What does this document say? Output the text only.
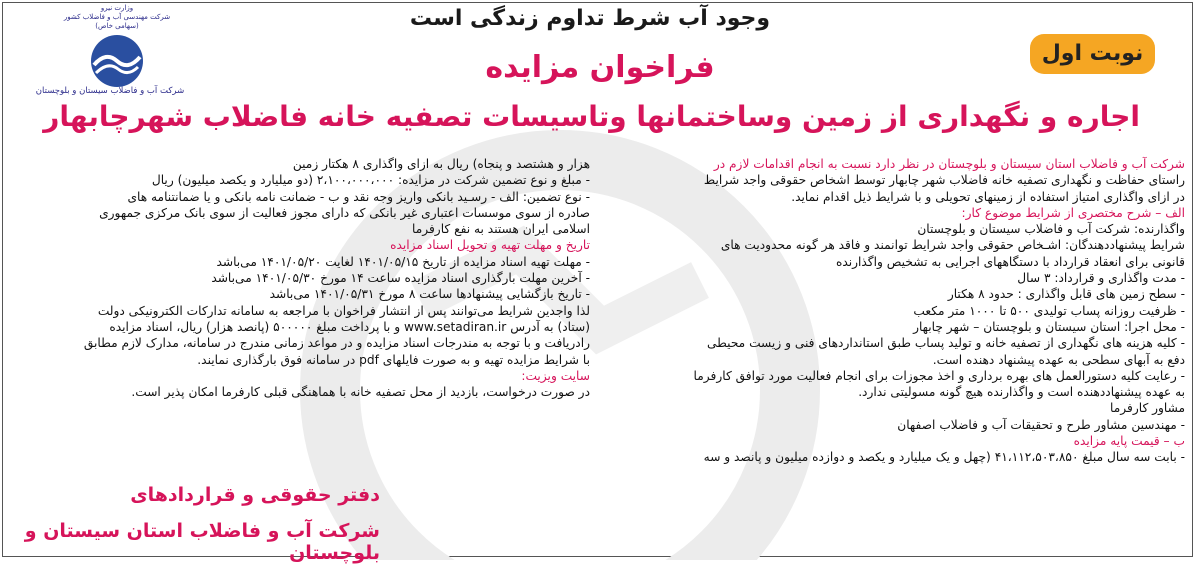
وزارت نیرو
شرکت مهندسی آب و فاضلاب کشور
(سهامی خاص)
شرکت آب و فاضلاب سیستان و بلوچستان
وجود آب شرط تداوم زندگی است
نوبت اول
فراخوان مزایده
اجاره و نگهداری از زمین وساختمانها وتاسیسات تصفیه خانه فاضلاب شهرچابهار
شرکت آب و فاضلاب استان سیستان و بلوچستان در نظر دارد نسبت به انجام اقدامات لازم در
راستای حفاظت و نگهداری تصفیه خانه فاضلاب شهر چابهار توسط اشخاص حقوقی واجد شرایط
در ازای واگذاری امتیاز استفاده از زمینهای تحویلی و با شرایط ذیل اقدام نماید.
الف – شرح مختصری از شرایط موضوع کار:
واگذارنده: شرکت آب و فاضلاب سیستان و بلوچستان
شرایط پیشنهاددهندگان: اشـخاص حقوقی واجد شرایط توانمند و فاقد هر گونه محدودیت های
قانونی برای انعقاد قرارداد با دستگاههای اجرایی به تشخیص واگذارنده
- مدت واگذاری و قرارداد: ۳ سال
- سطح زمین های قابل واگذاری : حدود ۸ هکتار
- ظرفیت روزانه پساب تولیدی ۵۰۰ تا ۱۰۰۰ متر مکعب
- محل اجرا: استان سیستان و بلوچستان – شهر چابهار
- کلیه هزینه های نگهداری از تصفیه خانه و تولید پساب طبق استانداردهای فنی و زیست محیطی
دفع به آبهای سطحی به عهده پیشنهاد دهنده است.
- رعایت کلیه دستورالعمل های بهره برداری و اخذ مجوزات برای انجام فعالیت مورد توافق کارفرما
به عهده پیشنهاددهنده است و واگذارنده هیچ گونه مسولیتی ندارد.
مشاور کارفرما
- مهندسین مشاور طرح و تحقیقات آب و فاضلاب اصفهان
ب – قیمت پایه مزایده
- بابت سه سال مبلغ ۴۱،۱۱۲،۵۰۳،۸۵۰ (چهل و یک میلیارد و یکصد و دوازده میلیون و پانصد و سه
هزار و هشتصد و پنجاه) ریال به ازای واگذاری ۸ هکتار زمین
- مبلغ و نوع تضمین شرکت در مزایده: ۲،۱۰۰،۰۰۰،۰۰۰ (دو میلیارد و یکصد میلیون) ریال
- نوع تضمین: الف - رسـید بانکی واریز وجه نقد و ب - ضمانت نامه بانکی و یا ضمانتنامه های
صادره از سوی موسسات اعتباری غیر بانکی که دارای مجوز فعالیت از سوی بانک مرکزی جمهوری
اسلامی ایران هستند به نفع کارفرما
تاریخ و مهلت تهیه و تحویل اسناد مزایده
- مهلت تهیه اسناد مزایده از تاریخ ۱۴۰۱/۰۵/۱۵ لغایت ۱۴۰۱/۰۵/۲۰ می‌باشد
- آخرین مهلت بارگذاری اسناد مزایده ساعت ۱۴ مورخ ۱۴۰۱/۰۵/۳۰ می‌باشد
- تاریخ بازگشایی پیشنهادها ساعت ۸ مورخ ۱۴۰۱/۰۵/۳۱ می‌باشد
لذا واجدین شرایط می‌توانند پس از انتشار فراخوان با مراجعه به سامانه تدارکات الکترونیکی دولت
(ستاد) به آدرس www.setadiran.ir و با پرداخت مبلغ ۵۰۰۰۰۰ (پانصد هزار) ریال، اسناد مزایده
رادریافت و با توجه به مندرجات اسناد مزایده و در مواعد زمانی مندرج در سامانه، مدارک لازم مطابق
با شرایط مزایده تهیه و به صورت فایلهای pdf در سامانه فوق بارگذاری نمایند.
سایت ویزیت:
در صورت درخواست، بازدید از محل تصفیه خانه با هماهنگی قبلی کارفرما امکان پذیر است.
دفتر حقوقی و قراردادهای
شرکت آب و فاضلاب استان سیستان و بلوچستان
